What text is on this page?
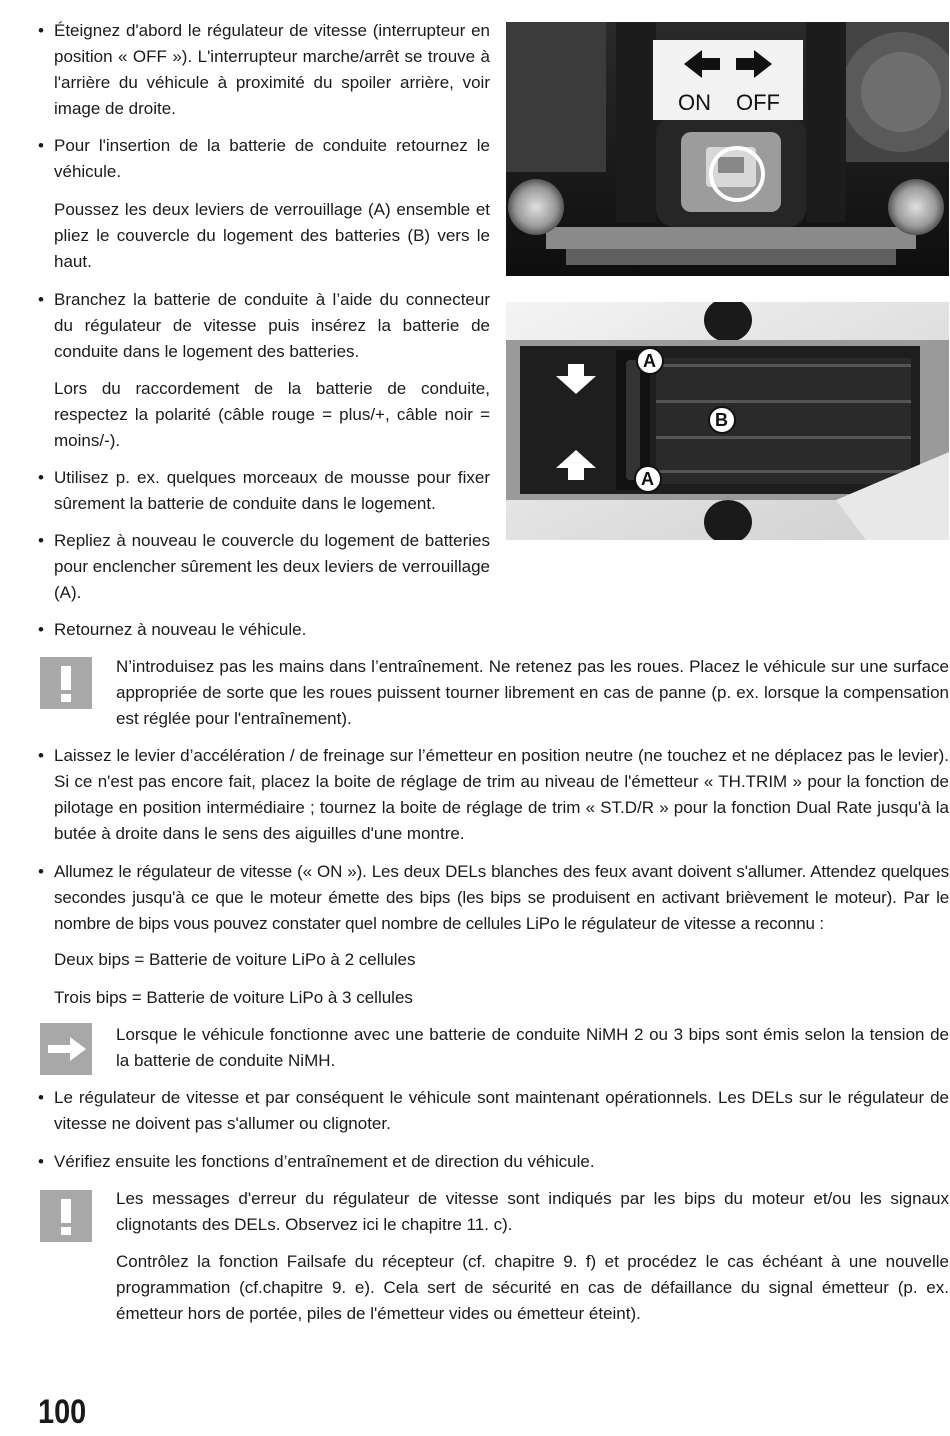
• Éteignez d'abord le régulateur de vitesse (interrupteur en position « OFF »). L'interrupteur marche/arrêt se trouve à l'arrière du véhicule à proximité du spoiler arrière, voir image de droite.

• Pour l'insertion de la batterie de conduite retournez le véhicule.

Poussez les deux leviers de verrouillage (A) ensemble et pliez le couvercle du logement des batteries (B) vers le haut.

• Branchez la batterie de conduite à l’aide du connecteur du régulateur de vitesse puis insérez la batterie de conduite dans le logement des batteries.

Lors du raccordement de la batterie de conduite, respectez la polarité (câble rouge = plus/+, câble noir = moins/-).

• Utilisez p. ex. quelques morceaux de mousse pour fixer sûrement la batterie de conduite dans le logement.

• Repliez à nouveau le couvercle du logement de batteries pour enclencher sûrement les deux leviers de verrouillage (A).

• Retournez à nouveau le véhicule.

ON OFF
A
B
A

N’introduisez pas les mains dans l’entraînement. Ne retenez pas les roues. Placez le véhicule sur une surface appropriée de sorte que les roues puissent tourner librement en cas de panne (p. ex. lorsque la compensation est réglée pour l'entraînement).

• Laissez le levier d’accélération / de freinage sur l’émetteur en position neutre (ne touchez et ne déplacez pas le levier). Si ce n'est pas encore fait, placez la boite de réglage de trim au niveau de l'émetteur « TH.TRIM » pour la fonction de pilotage en position intermédiaire ; tournez la boite de réglage de trim « ST.D/R » pour la fonction Dual Rate jusqu'à la butée à droite dans le sens des aiguilles d'une montre.

• Allumez le régulateur de vitesse (« ON »). Les deux DELs blanches des feux avant doivent s'allumer. Attendez quelques secondes jusqu'à ce que le moteur émette des bips (les bips se produisent en activant brièvement le moteur). Par le nombre de bips vous pouvez constater quel nombre de cellules LiPo le régulateur de vitesse a reconnu :

Deux bips = Batterie de voiture LiPo à 2 cellules

Trois bips = Batterie de voiture LiPo à 3 cellules

Lorsque le véhicule fonctionne avec une batterie de conduite NiMH 2 ou 3 bips sont émis selon la tension de la batterie de conduite NiMH.

• Le régulateur de vitesse et par conséquent le véhicule sont maintenant opérationnels. Les DELs sur le régulateur de vitesse ne doivent pas s'allumer ou clignoter.

• Vérifiez ensuite les fonctions d’entraînement et de direction du véhicule.

Les messages d'erreur du régulateur de vitesse sont indiqués par les bips du moteur et/ou les signaux clignotants des DELs. Observez ici le chapitre 11. c).

Contrôlez la fonction Failsafe du récepteur (cf. chapitre 9. f) et procédez le cas échéant à une nouvelle programmation (cf.chapitre 9. e). Cela sert de sécurité en cas de défaillance du signal émetteur (p. ex. émetteur hors de portée, piles de l'émetteur vides ou émetteur éteint).

100
